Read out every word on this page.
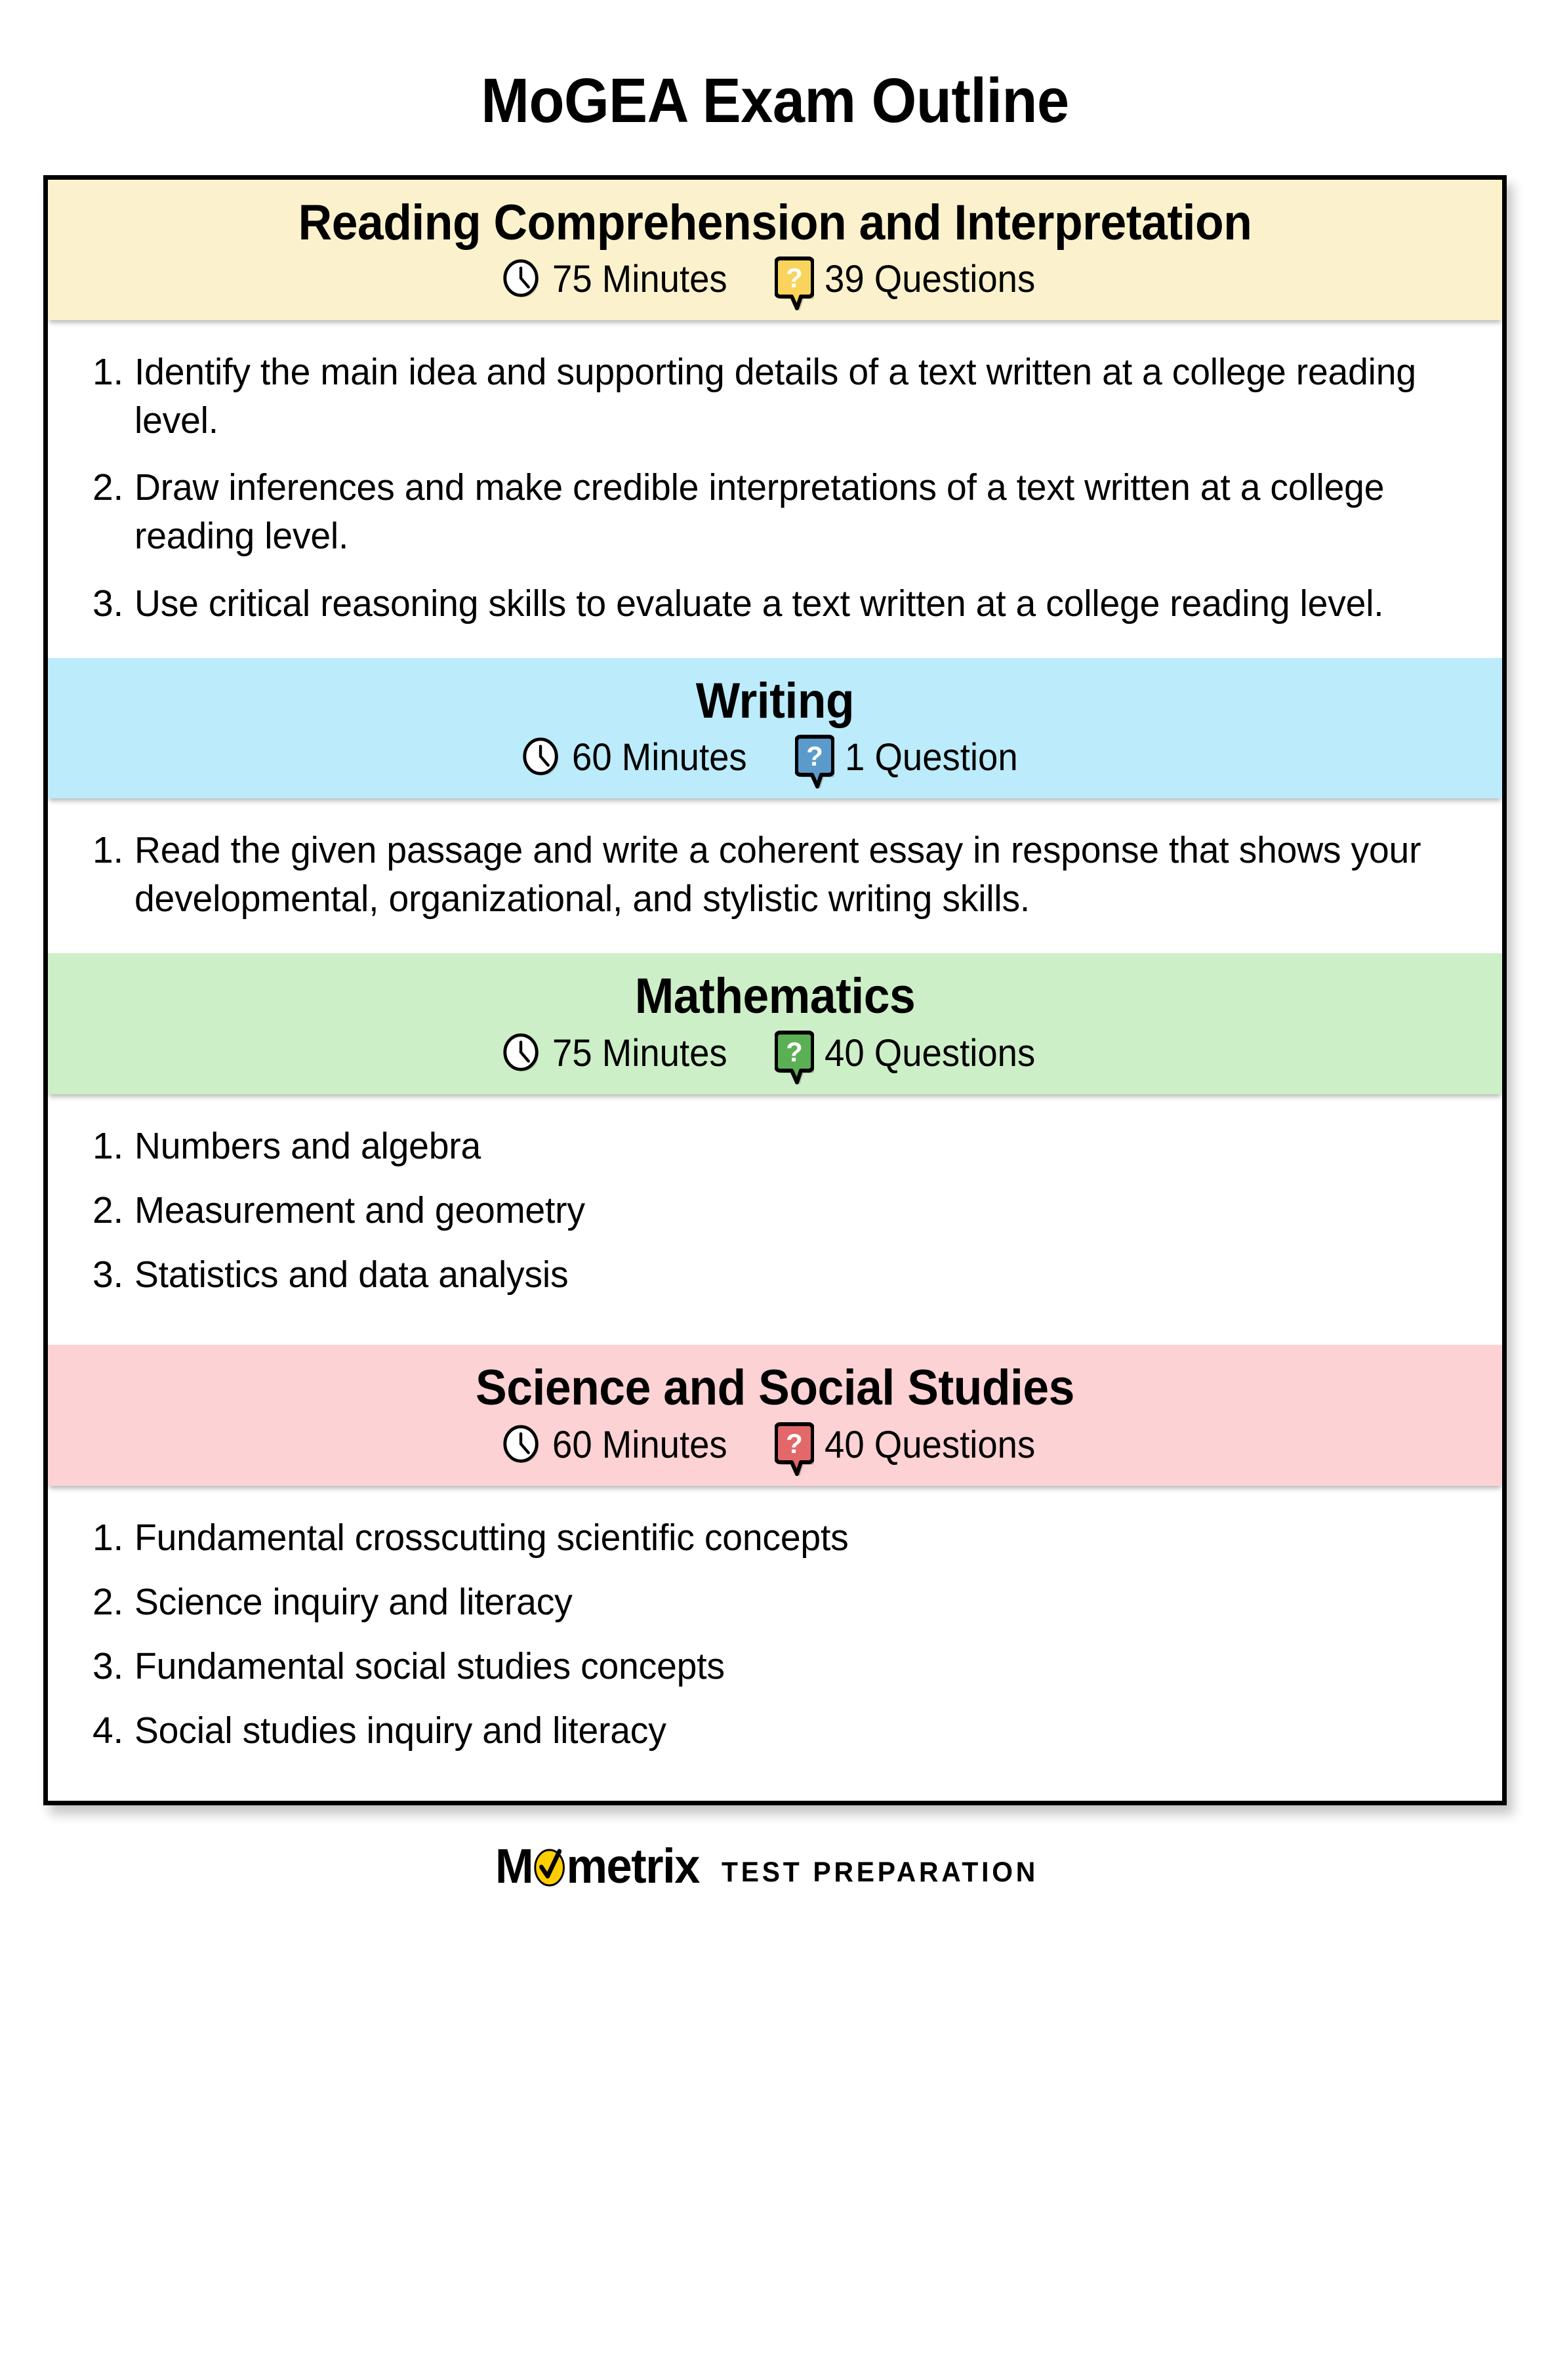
MoGEA Exam Outline
Reading Comprehension and Interpretation
75 Minutes ? 39 Questions
1. Identify the main idea and supporting details of a text written at a college reading level.
2. Draw inferences and make credible interpretations of a text written at a college reading level.
3. Use critical reasoning skills to evaluate a text written at a college reading level.
Writing
60 Minutes ? 1 Question
1. Read the given passage and write a coherent essay in response that shows your developmental, organizational, and stylistic writing skills.
Mathematics
75 Minutes ? 40 Questions
1. Numbers and algebra
2. Measurement and geometry
3. Statistics and data analysis
Science and Social Studies
60 Minutes ? 40 Questions
1. Fundamental crosscutting scientific concepts
2. Science inquiry and literacy
3. Fundamental social studies concepts
4. Social studies inquiry and literacy
M metrix TEST PREPARATION
